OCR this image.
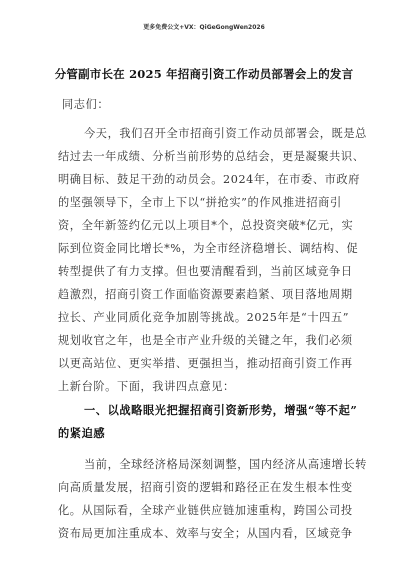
更多免费公文+VX：QiGeGongWen2026
分管副市长在 2025 年招商引资工作动员部署会上的发言
同志们：
今天，我们召开全市招商引资工作动员部署会，既是总
结过去一年成绩、分析当前形势的总结会，更是凝聚共识、
明确目标、鼓足干劲的动员会。2024年，在市委、市政府
的坚强领导下，全市上下以“拼抢实”的作风推进招商引
资，全年新签约亿元以上项目*个，总投资突破*亿元，实
际到位资金同比增长*%，为全市经济稳增长、调结构、促
转型提供了有力支撑。但也要清醒看到，当前区域竞争日
趋激烈，招商引资工作面临资源要素趋紧、项目落地周期
拉长、产业同质化竞争加剧等挑战。2025年是“十四五”
规划收官之年，也是全市产业升级的关键之年，我们必须
以更高站位、更实举措、更强担当，推动招商引资工作再
上新台阶。下面，我讲四点意见：
一、以战略眼光把握招商引资新形势，增强“等不起”
的紧迫感
当前，全球经济格局深刻调整，国内经济从高速增长转
向高质量发展，招商引资的逻辑和路径正在发生根本性变
化。从国际看，全球产业链供应链加速重构，跨国公司投
资布局更加注重成本、效率与安全；从国内看，区域竞争
